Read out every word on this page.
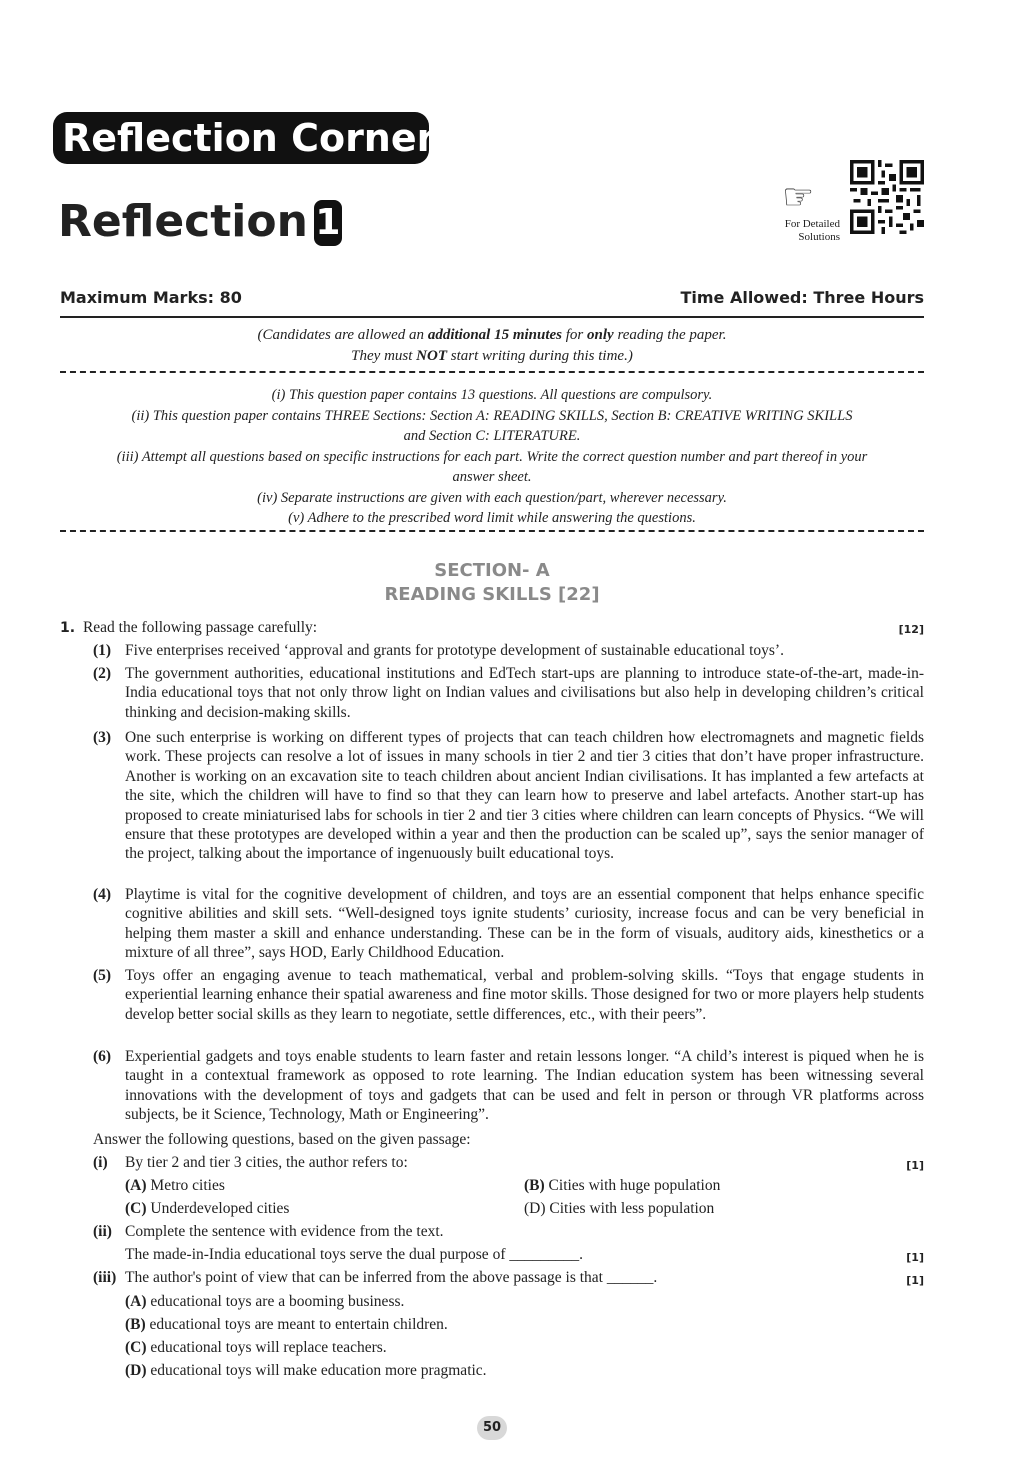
Reflection Corner
Reflection 1
☞
For Detailed
Solutions
Maximum Marks: 80	Time Allowed: Three Hours
(Candidates are allowed an additional 15 minutes for only reading the paper.
They must NOT start writing during this time.)
(i) This question paper contains 13 questions. All questions are compulsory.
(ii) This question paper contains THREE Sections: Section A: READING SKILLS, Section B: CREATIVE WRITING SKILLS
and Section C: LITERATURE.
(iii) Attempt all questions based on specific instructions for each part. Write the correct question number and part thereof in your
answer sheet.
(iv) Separate instructions are given with each question/part, wherever necessary.
(v) Adhere to the prescribed word limit while answering the questions.
SECTION- A
READING SKILLS [22]
1. Read the following passage carefully:	[12]
(1) Five enterprises received ‘approval and grants for prototype development of sustainable educational toys’.
(2) The government authorities, educational institutions and EdTech start-ups are planning to introduce state-of-the-art, made-in-India educational toys that not only throw light on Indian values and civilisations but also help in developing children’s critical thinking and decision-making skills.
(3) One such enterprise is working on different types of projects that can teach children how electromagnets and magnetic fields work. These projects can resolve a lot of issues in many schools in tier 2 and tier 3 cities that don’t have proper infrastructure. Another is working on an excavation site to teach children about ancient Indian civilisations. It has implanted a few artefacts at the site, which the children will have to find so that they can learn how to preserve and label artefacts. Another start-up has proposed to create miniaturised labs for schools in tier 2 and tier 3 cities where children can learn concepts of Physics. “We will ensure that these prototypes are developed within a year and then the production can be scaled up”, says the senior manager of the project, talking about the importance of ingenuously built educational toys.
(4) Playtime is vital for the cognitive development of children, and toys are an essential component that helps enhance specific cognitive abilities and skill sets. “Well-designed toys ignite students’ curiosity, increase focus and can be very beneficial in helping them master a skill and enhance understanding. These can be in the form of visuals, auditory aids, kinesthetics or a mixture of all three”, says HOD, Early Childhood Education.
(5) Toys offer an engaging avenue to teach mathematical, verbal and problem-solving skills. “Toys that engage students in experiential learning enhance their spatial awareness and fine motor skills. Those designed for two or more players help students develop better social skills as they learn to negotiate, settle differences, etc., with their peers”.
(6) Experiential gadgets and toys enable students to learn faster and retain lessons longer. “A child’s interest is piqued when he is taught in a contextual framework as opposed to rote learning. The Indian education system has been witnessing several innovations with the development of toys and gadgets that can be used and felt in person or through VR platforms across subjects, be it Science, Technology, Math or Engineering”.
Answer the following questions, based on the given passage:
(i) By tier 2 and tier 3 cities, the author refers to:	[1]
(A) Metro cities	(B) Cities with huge population
(C) Underdeveloped cities	(D) Cities with less population
(ii) Complete the sentence with evidence from the text.
The made-in-India educational toys serve the dual purpose of _________.	[1]
(iii) The author's point of view that can be inferred from the above passage is that ______.	[1]
(A) educational toys are a booming business.
(B) educational toys are meant to entertain children.
(C) educational toys will replace teachers.
(D) educational toys will make education more pragmatic.
50
